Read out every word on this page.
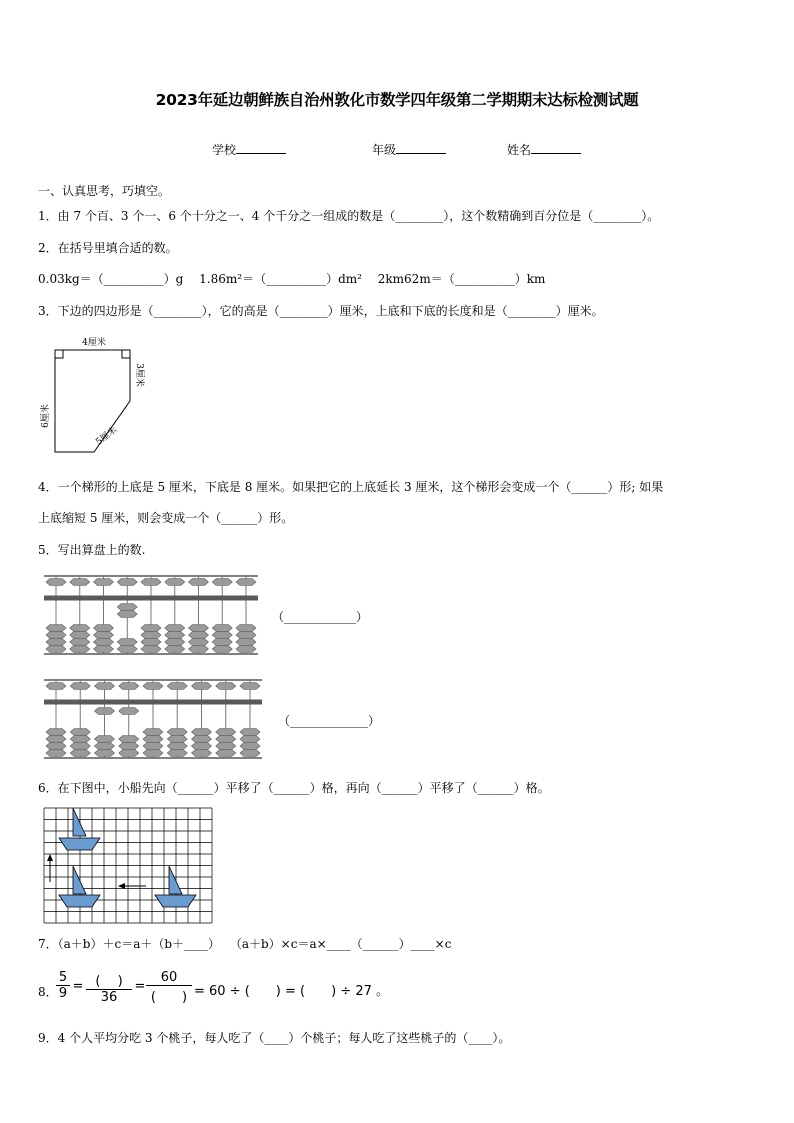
2023年延边朝鲜族自治州敦化市数学四年级第二学期期末达标检测试题
学校	年级	姓名
一、认真思考，巧填空。
1．由 7 个百、3 个一、6 个十分之一、4 个千分之一组成的数是（________），这个数精确到百分位是（________）。
2．在括号里填合适的数。
0.03kg＝（__________）g　 1.86m²＝（__________）dm²　 2km62m＝（__________）km
3．下边的四边形是（________），它的高是（________）厘米，上底和下底的长度和是（________）厘米。
4厘米
6厘米
3厘米
5厘米
4．一个梯形的上底是 5 厘米，下底是 8 厘米。如果把它的上底延长 3 厘米，这个梯形会变成一个（______）形; 如果
上底缩短 5 厘米，则会变成一个（______）形。
5．写出算盘上的数.
（____________）
（_____________）
6．在下图中，小船先向（______）平移了（______）格，再向（______）平移了（______）格。
7．（a＋b）＋c＝a＋（b＋____）　 （a＋b）×c＝a×____（______）____×c
8．
$\frac{5}{9}$ = (　 )
36
=
60
(　　) = 60 ÷ (　　) = (　　) ÷ 27 。
9．4 个人平均分吃 3 个桃子，每人吃了（____）个桃子；每人吃了这些桃子的（____）。
